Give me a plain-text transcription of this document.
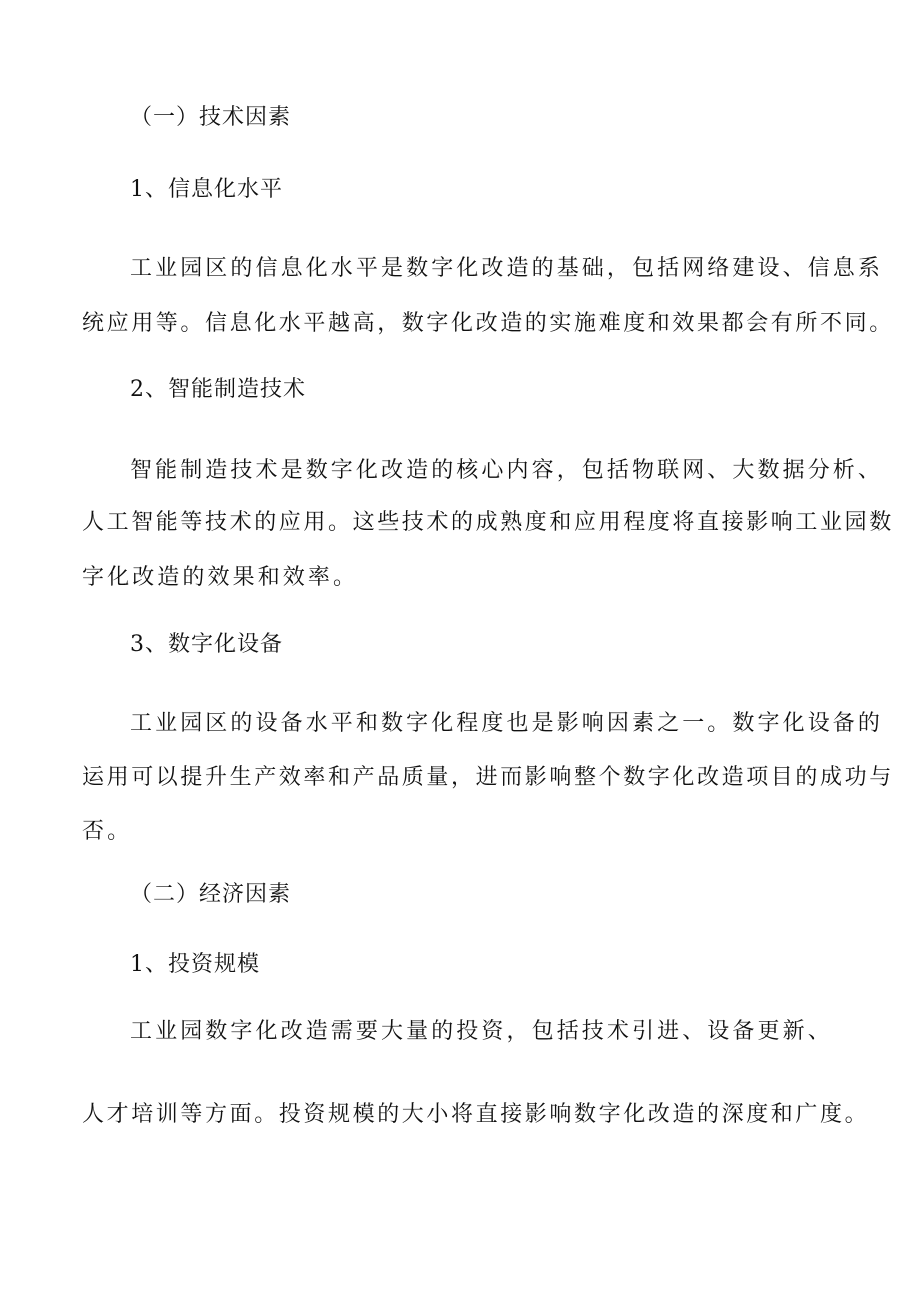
（一）技术因素
1、信息化水平
工业园区的信息化水平是数字化改造的基础，包括网络建设、信息系
统应用等。信息化水平越高，数字化改造的实施难度和效果都会有所不同。
2、智能制造技术
智能制造技术是数字化改造的核心内容，包括物联网、大数据分析、
人工智能等技术的应用。这些技术的成熟度和应用程度将直接影响工业园数
字化改造的效果和效率。
3、数字化设备
工业园区的设备水平和数字化程度也是影响因素之一。数字化设备的
运用可以提升生产效率和产品质量，进而影响整个数字化改造项目的成功与
否。
（二）经济因素
1、投资规模
工业园数字化改造需要大量的投资，包括技术引进、设备更新、
人才培训等方面。投资规模的大小将直接影响数字化改造的深度和广度。
